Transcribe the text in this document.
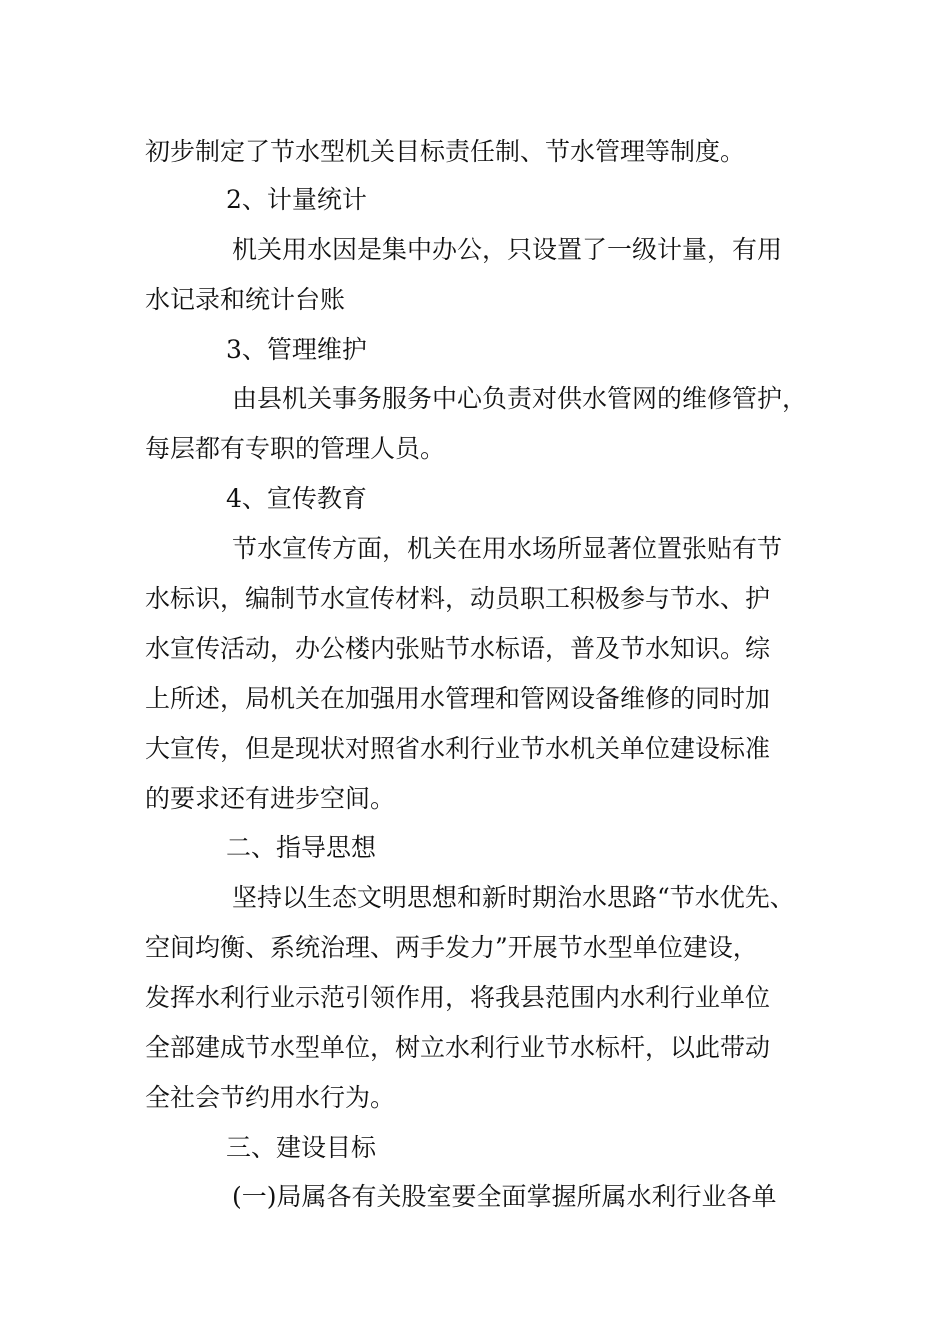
初步制定了节水型机关目标责任制、节水管理等制度。

2、计量统计

机关用水因是集中办公，只设置了一级计量，有用

水记录和统计台账

3、管理维护

由县机关事务服务中心负责对供水管网的维修管护，

每层都有专职的管理人员。

4、宣传教育

节水宣传方面，机关在用水场所显著位置张贴有节

水标识，编制节水宣传材料，动员职工积极参与节水、护

水宣传活动，办公楼内张贴节水标语，普及节水知识。综

上所述，局机关在加强用水管理和管网设备维修的同时加

大宣传，但是现状对照省水利行业节水机关单位建设标准

的要求还有进步空间。

二、指导思想

坚持以生态文明思想和新时期治水思路“节水优先、

空间均衡、系统治理、两手发力”开展节水型单位建设，

发挥水利行业示范引领作用，将我县范围内水利行业单位

全部建成节水型单位，树立水利行业节水标杆，以此带动

全社会节约用水行为。

三、建设目标

(一)局属各有关股室要全面掌握所属水利行业各单
